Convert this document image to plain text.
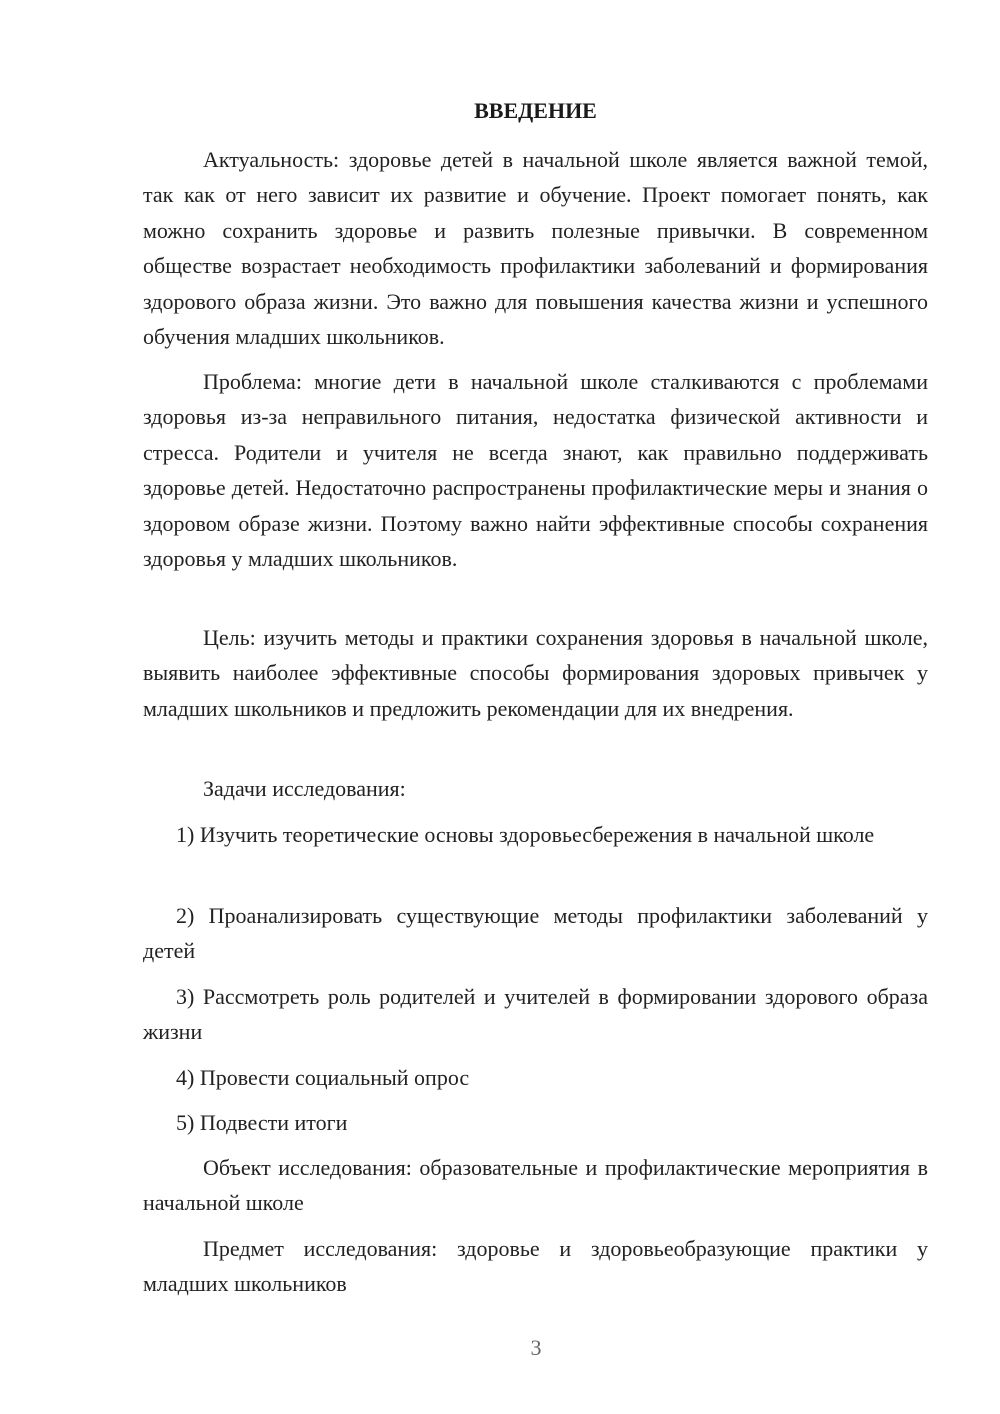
ВВЕДЕНИЕ

Актуальность: здоровье детей в начальной школе является важной темой, так как от него зависит их развитие и обучение. Проект помогает понять, как можно сохранить здоровье и развить полезные привычки. В современном обществе возрастает необходимость профилактики заболеваний и формирования здорового образа жизни. Это важно для повышения качества жизни и успешного обучения младших школьников.

Проблема: многие дети в начальной школе сталкиваются с проблемами здоровья из-за неправильного питания, недостатка физической активности и стресса. Родители и учителя не всегда знают, как правильно поддерживать здоровье детей. Недостаточно распространены профилактические меры и знания о здоровом образе жизни. Поэтому важно найти эффективные способы сохранения здоровья у младших школьников.

Цель: изучить методы и практики сохранения здоровья в начальной школе, выявить наиболее эффективные способы формирования здоровых привычек у младших школьников и предложить рекомендации для их внедрения.

Задачи исследования:

1) Изучить теоретические основы здоровьесбережения в начальной школе

2) Проанализировать существующие методы профилактики заболеваний у детей

3) Рассмотреть роль родителей и учителей в формировании здорового образа жизни

4) Провести социальный опрос

5) Подвести итоги

Объект исследования: образовательные и профилактические мероприятия в начальной школе

Предмет исследования: здоровье и здоровьеобразующие практики у младших школьников

3
